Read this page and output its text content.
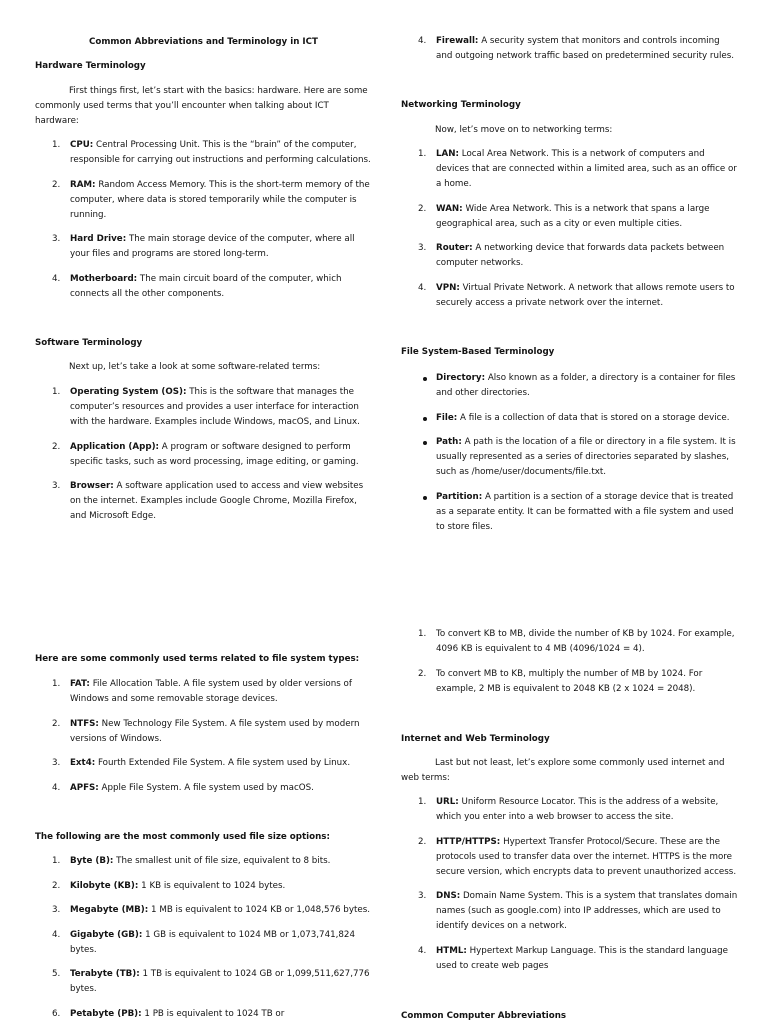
Common Abbreviations and Terminology in ICT
Hardware Terminology

First things first, let’s start with the basics: hardware. Here are some commonly used terms that you’ll encounter when talking about ICT hardware:

1. CPU: Central Processing Unit. This is the “brain” of the computer, responsible for carrying out instructions and performing calculations.
2. RAM: Random Access Memory. This is the short-term memory of the computer, where data is stored temporarily while the computer is running.
3. Hard Drive: The main storage device of the computer, where all your files and programs are stored long-term.
4. Motherboard: The main circuit board of the computer, which connects all the other components.
Software Terminology

Next up, let’s take a look at some software-related terms:

1. Operating System (OS): This is the software that manages the computer’s resources and provides a user interface for interaction with the hardware. Examples include Windows, macOS, and Linux.
2. Application (App): A program or software designed to perform specific tasks, such as word processing, image editing, or gaming.
3. Browser: A software application used to access and view websites on the internet. Examples include Google Chrome, Mozilla Firefox, and Microsoft Edge.
Here are some commonly used terms related to file system types:
1. FAT: File Allocation Table. A file system used by older versions of Windows and some removable storage devices.
2. NTFS: New Technology File System. A file system used by modern versions of Windows.
3. Ext4: Fourth Extended File System. A file system used by Linux.
4. APFS: Apple File System. A file system used by macOS.
The following are the most commonly used file size options:
1. Byte (B): The smallest unit of file size, equivalent to 8 bits.
2. Kilobyte (KB): 1 KB is equivalent to 1024 bytes.
3. Megabyte (MB): 1 MB is equivalent to 1024 KB or 1,048,576 bytes.
4. Gigabyte (GB): 1 GB is equivalent to 1024 MB or 1,073,741,824 bytes.
5. Terabyte (TB): 1 TB is equivalent to 1024 GB or 1,099,511,627,776 bytes.
6. Petabyte (PB): 1 PB is equivalent to 1024 TB or
4. Firewall: A security system that monitors and controls incoming and outgoing network traffic based on predetermined security rules.
Networking Terminology

Now, let’s move on to networking terms:

1. LAN: Local Area Network. This is a network of computers and devices that are connected within a limited area, such as an office or a home.
2. WAN: Wide Area Network. This is a network that spans a large geographical area, such as a city or even multiple cities.
3. Router: A networking device that forwards data packets between computer networks.
4. VPN: Virtual Private Network. A network that allows remote users to securely access a private network over the internet.
File System-Based Terminology
Directory: Also known as a folder, a directory is a container for files and other directories.
File: A file is a collection of data that is stored on a storage device.
Path: A path is the location of a file or directory in a file system. It is usually represented as a series of directories separated by slashes, such as /home/user/documents/file.txt.
Partition: A partition is a section of a storage device that is treated as a separate entity. It can be formatted with a file system and used to store files.
1. To convert KB to MB, divide the number of KB by 1024. For example, 4096 KB is equivalent to 4 MB (4096/1024 = 4).
2. To convert MB to KB, multiply the number of MB by 1024. For example, 2 MB is equivalent to 2048 KB (2 x 1024 = 2048).
Internet and Web Terminology

Last but not least, let’s explore some commonly used internet and web terms:

1. URL: Uniform Resource Locator. This is the address of a website, which you enter into a web browser to access the site.
2. HTTP/HTTPS: Hypertext Transfer Protocol/Secure. These are the protocols used to transfer data over the internet. HTTPS is the more secure version, which encrypts data to prevent unauthorized access.
3. DNS: Domain Name System. This is a system that translates domain names (such as google.com) into IP addresses, which are used to identify devices on a network.
4. HTML: Hypertext Markup Language. This is the standard language used to create web pages
Common Computer Abbreviations
